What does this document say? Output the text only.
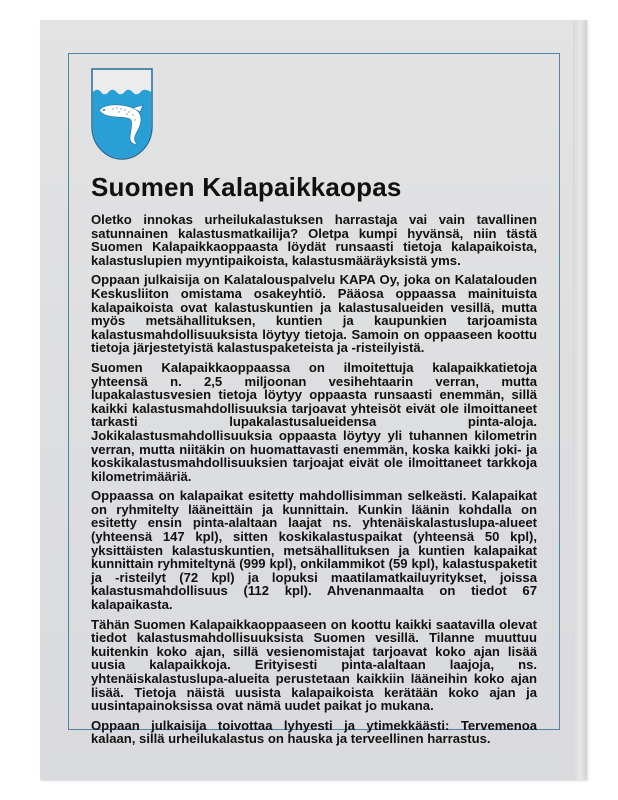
Suomen Kalapaikkaopas

Oletko innokas urheilukalastuksen harrastaja vai vain tavallinen satunnainen kalastusmatkailija? Oletpa kumpi hyvänsä, niin tästä Suomen Kalapaikkaoppaasta löydät runsaasti tietoja kalapaikoista, kalastuslupien myyntipaikoista, kalastusmääräyksistä yms.

Oppaan julkaisija on Kalatalouspalvelu KAPA Oy, joka on Kalatalouden Keskusliiton omistama osakeyhtiö. Pääosa oppaassa mainituista kalapaikoista ovat kalastuskuntien ja kalastusalueiden vesillä, mutta myös metsähallituksen, kuntien ja kaupunkien tarjoamista kalastusmahdollisuuksista löytyy tietoja. Samoin on oppaaseen koottu tietoja järjestetyistä kalastuspaketeista ja -risteilyistä.

Suomen Kalapaikkaoppaassa on ilmoitettuja kalapaikkatietoja yhteensä n. 2,5 miljoonan vesihehtaarin verran, mutta lupakalastusvesien tietoja löytyy oppaasta runsaasti enemmän, sillä kaikki kalastusmahdollisuuksia tarjoavat yhteisöt eivät ole ilmoittaneet tarkasti lupakalastusalueidensa pinta-aloja. Jokikalastusmahdollisuuksia oppaasta löytyy yli tuhannen kilometrin verran, mutta niitäkin on huomattavasti enemmän, koska kaikki joki- ja koskikalastusmahdollisuuksien tarjoajat eivät ole ilmoittaneet tarkkoja kilometrimääriä.

Oppaassa on kalapaikat esitetty mahdollisimman selkeästi. Kalapaikat on ryhmitelty lääneittäin ja kunnittain. Kunkin läänin kohdalla on esitetty ensin pinta-alaltaan laajat ns. yhtenäiskalastuslupa-alueet (yhteensä 147 kpl), sitten koskikalastuspaikat (yhteensä 50 kpl), yksittäisten kalastuskuntien, metsähallituksen ja kuntien kalapaikat kunnittain ryhmiteltynä (999 kpl), onkilammikot (59 kpl), kalastuspaketit ja -risteilyt (72 kpl) ja lopuksi maatilamatkailuyritykset, joissa kalastusmahdollisuus (112 kpl). Ahvenanmaalta on tiedot 67 kalapaikasta.

Tähän Suomen Kalapaikkaoppaaseen on koottu kaikki saatavilla olevat tiedot kalastusmahdollisuuksista Suomen vesillä. Tilanne muuttuu kuitenkin koko ajan, sillä vesienomistajat tarjoavat koko ajan lisää uusia kalapaikkoja. Erityisesti pinta-alaltaan laajoja, ns. yhtenäiskalastuslupa-alueita perustetaan kaikkiin lääneihin koko ajan lisää. Tietoja näistä uusista kalapaikoista kerätään koko ajan ja uusintapainoksissa ovat nämä uudet paikat jo mukana.

Oppaan julkaisija toivottaa lyhyesti ja ytimekkäästi: Tervemenoa kalaan, sillä urheilukalastus on hauska ja terveellinen harrastus.
